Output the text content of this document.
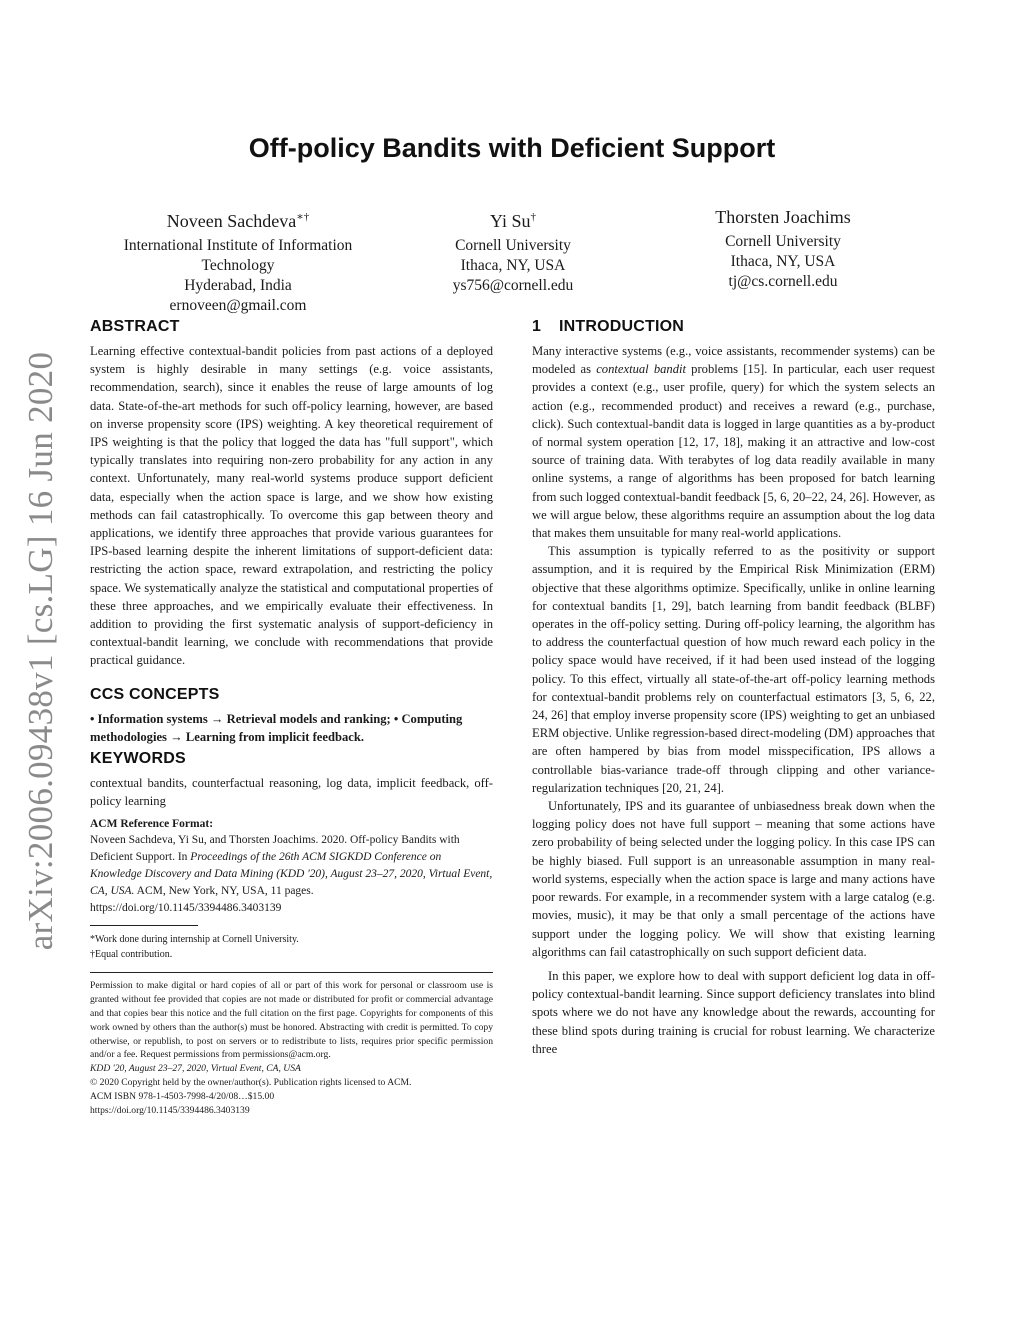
arXiv:2006.09438v1 [cs.LG] 16 Jun 2020
Off-policy Bandits with Deficient Support
Noveen Sachdeva∗†
International Institute of Information
Technology
Hyderabad, India
ernoveen@gmail.com
Yi Su†
Cornell University
Ithaca, NY, USA
ys756@cornell.edu
Thorsten Joachims
Cornell University
Ithaca, NY, USA
tj@cs.cornell.edu
ABSTRACT

Learning effective contextual-bandit policies from past actions of a deployed system is highly desirable in many settings (e.g. voice assistants, recommendation, search), since it enables the reuse of large amounts of log data. State-of-the-art methods for such off-policy learning, however, are based on inverse propensity score (IPS) weighting. A key theoretical requirement of IPS weighting is that the policy that logged the data has "full support", which typically translates into requiring non-zero probability for any action in any context. Unfortunately, many real-world systems produce support deficient data, especially when the action space is large, and we show how existing methods can fail catastrophically. To overcome this gap between theory and applications, we identify three approaches that provide various guarantees for IPS-based learning despite the inherent limitations of support-deficient data: restricting the action space, reward extrapolation, and restricting the policy space. We systematically analyze the statistical and computational properties of these three approaches, and we empirically evaluate their effectiveness. In addition to providing the first systematic analysis of support-deficiency in contextual-bandit learning, we conclude with recommendations that provide practical guidance.

CCS CONCEPTS

• Information systems → Retrieval models and ranking; • Computing methodologies → Learning from implicit feedback.

KEYWORDS

contextual bandits, counterfactual reasoning, log data, implicit feedback, off-policy learning

ACM Reference Format:

Noveen Sachdeva, Yi Su, and Thorsten Joachims. 2020. Off-policy Bandits with Deficient Support. In Proceedings of the 26th ACM SIGKDD Conference on Knowledge Discovery and Data Mining (KDD '20), August 23–27, 2020, Virtual Event, CA, USA. ACM, New York, NY, USA, 11 pages. https://doi.org/10.1145/3394486.3403139

*Work done during internship at Cornell University.

†Equal contribution.

Permission to make digital or hard copies of all or part of this work for personal or classroom use is granted without fee provided that copies are not made or distributed for profit or commercial advantage and that copies bear this notice and the full citation on the first page. Copyrights for components of this work owned by others than the author(s) must be honored. Abstracting with credit is permitted. To copy otherwise, or republish, to post on servers or to redistribute to lists, requires prior specific permission and/or a fee. Request permissions from permissions@acm.org.

KDD '20, August 23–27, 2020, Virtual Event, CA, USA

© 2020 Copyright held by the owner/author(s). Publication rights licensed to ACM.

ACM ISBN 978-1-4503-7998-4/20/08…$15.00

https://doi.org/10.1145/3394486.3403139

1 INTRODUCTION

Many interactive systems (e.g., voice assistants, recommender systems) can be modeled as contextual bandit problems [15]. In particular, each user request provides a context (e.g., user profile, query) for which the system selects an action (e.g., recommended product) and receives a reward (e.g., purchase, click). Such contextual-bandit data is logged in large quantities as a by-product of normal system operation [12, 17, 18], making it an attractive and low-cost source of training data. With terabytes of log data readily available in many online systems, a range of algorithms has been proposed for batch learning from such logged contextual-bandit feedback [5, 6, 20–22, 24, 26]. However, as we will argue below, these algorithms require an assumption about the log data that makes them unsuitable for many real-world applications.

This assumption is typically referred to as the positivity or support assumption, and it is required by the Empirical Risk Minimization (ERM) objective that these algorithms optimize. Specifically, unlike in online learning for contextual bandits [1, 29], batch learning from bandit feedback (BLBF) operates in the off-policy setting. During off-policy learning, the algorithm has to address the counterfactual question of how much reward each policy in the policy space would have received, if it had been used instead of the logging policy. To this effect, virtually all state-of-the-art off-policy learning methods for contextual-bandit problems rely on counterfactual estimators [3, 5, 6, 22, 24, 26] that employ inverse propensity score (IPS) weighting to get an unbiased ERM objective. Unlike regression-based direct-modeling (DM) approaches that are often hampered by bias from model misspecification, IPS allows a controllable bias-variance trade-off through clipping and other variance-regularization techniques [20, 21, 24].

Unfortunately, IPS and its guarantee of unbiasedness break down when the logging policy does not have full support – meaning that some actions have zero probability of being selected under the logging policy. In this case IPS can be highly biased. Full support is an unreasonable assumption in many real-world systems, especially when the action space is large and many actions have poor rewards. For example, in a recommender system with a large catalog (e.g. movies, music), it may be that only a small percentage of the actions have support under the logging policy. We will show that existing learning algorithms can fail catastrophically on such support deficient data.

In this paper, we explore how to deal with support deficient log data in off-policy contextual-bandit learning. Since support deficiency translates into blind spots where we do not have any knowledge about the rewards, accounting for these blind spots during training is crucial for robust learning. We characterize three
